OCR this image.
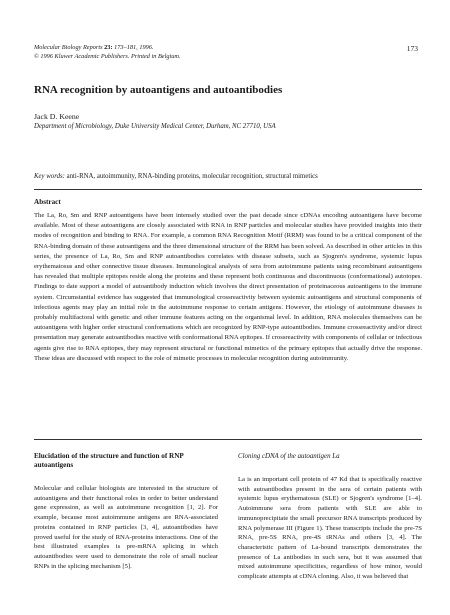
Molecular Biology Reports 23: 173–181, 1996.
© 1996 Kluwer Academic Publishers. Printed in Belgium.
173
RNA recognition by autoantigens and autoantibodies
Jack D. Keene
Department of Microbiology, Duke University Medical Center, Durham, NC 27710, USA
Key words: anti-RNA, autoimmunity, RNA-binding proteins, molecular recognition, structural mimetics
Abstract

The La, Ro, Sm and RNP autoantigens have been intensely studied over the past decade since cDNAs encoding autoantigens have become available. Most of these autoantigens are closely associated with RNA in RNP particles and molecular studies have provided insights into their modes of recognition and binding to RNA. For example, a common RNA Recognition Motif (RRM) was found to be a critical component of the RNA-binding domain of these autoantigens and the three dimensional structure of the RRM has been solved. As described in other articles in this series, the presence of La, Ro, Sm and RNP autoantibodies correlates with disease subsets, such as Sjogren's syndrome, systemic lupus erythematosus and other connective tissue diseases. Immunological analysis of sera from autoimmune patients using recombinant autoantigens has revealed that multiple epitopes reside along the proteins and these represent both continuous and discontinuous (conformational) autotopes. Findings to date support a model of autoantibody induction which involves the direct presentation of proteinaceous autoantigens to the immune system. Circumstantial evidence has suggested that immunological crossreactivity between systemic autoantigens and structural components of infectious agents may play an initial role in the autoimmune response to certain antigens. However, the etiology of autoimmune diseases is probably multifactoral with genetic and other immune features acting on the organismal level. In addition, RNA molecules themselves can be autoantigens with higher order structural conformations which are recognized by RNP-type autoantibodies. Immune crossreactivity and/or direct presentation may generate autoantibodies reactive with conformational RNA epitopes. If crossreactivity with components of cellular or infectious agents give rise to RNA epitopes, they may represent structural or functional mimetics of the primary epitopes that actually drive the response. These ideas are discussed with respect to the role of mimetic processes in molecular recognition during autoimmunity.

Elucidation of the structure and function of RNP autoantigens

Molecular and cellular biologists are interested in the structure of autoantigens and their functional roles in order to better understand gene expression, as well as autoimmune recognition [1, 2]. For example, because most autoimmune antigens are RNA-associated proteins contained in RNP particles [3, 4], autoantibodies have proved useful for the study of RNA-proteins interactions. One of the best illustrated examples is pre-mRNA splicing in which autoantibodies were used to demonstrate the role of small nuclear RNPs in the splicing mechanism [5].

Cloning cDNA of the autoantigen La

La is an important cell protein of 47 Kd that is specifically reactive with autoantibodies present in the sera of certain patients with systemic lupus erythematosus (SLE) or Sjogren's syndrome [1–4]. Autoimmune sera from patients with SLE are able to immunoprecipitate the small precursor RNA transcripts produced by RNA polymerase III (Figure 1). These transcripts include the pre-7S RNA, pre-5S RNA, pre-4S tRNAs and others [3, 4]. The characteristic pattern of La-bound transcripts demonstrates the presence of La antibodies in such sera, but it was assumed that mixed autoimmune specificities, regardless of how minor, would complicate attempts at cDNA cloning. Also, it was believed that
